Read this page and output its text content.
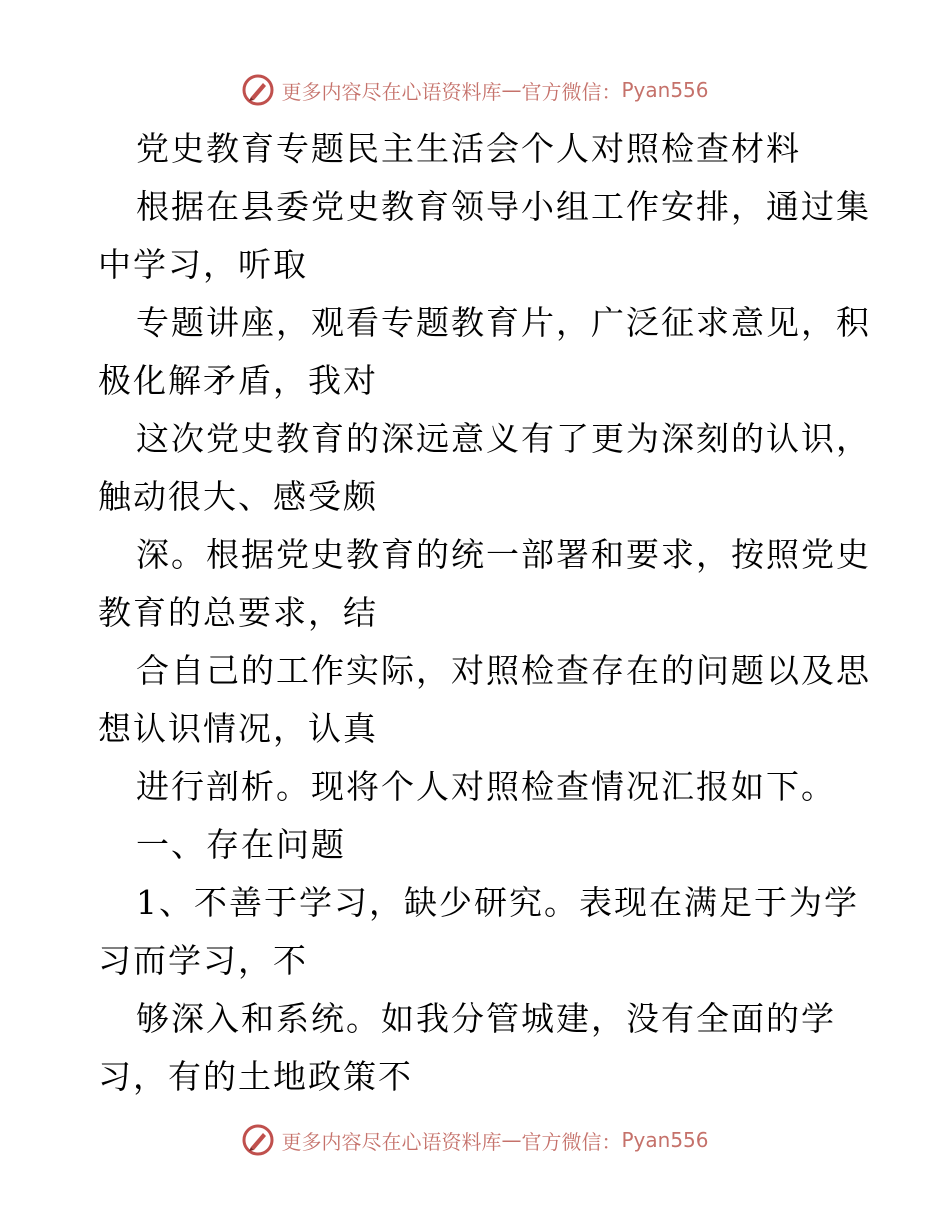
更多内容尽在心语资料库 — 官方微信： Pyan556
党史教育专题民主生活会个人对照检查材料
根据在县委党史教育领导小组工作安排，通过集
中学习，听取
专题讲座，观看专题教育片，广泛征求意见，积
极化解矛盾，我对
这次党史教育的深远意义有了更为深刻的认识，
触动很大、感受颇
深。根据党史教育的统一部署和要求，按照党史
教育的总要求，结
合自己的工作实际，对照检查存在的问题以及思
想认识情况，认真
进行剖析。现将个人对照检查情况汇报如下。
一、存在问题
1、不善于学习，缺少研究。表现在满足于为学
习而学习，不
够深入和系统。如我分管城建，没有全面的学
习，有的土地政策不
更多内容尽在心语资料库 — 官方微信： Pyan556
